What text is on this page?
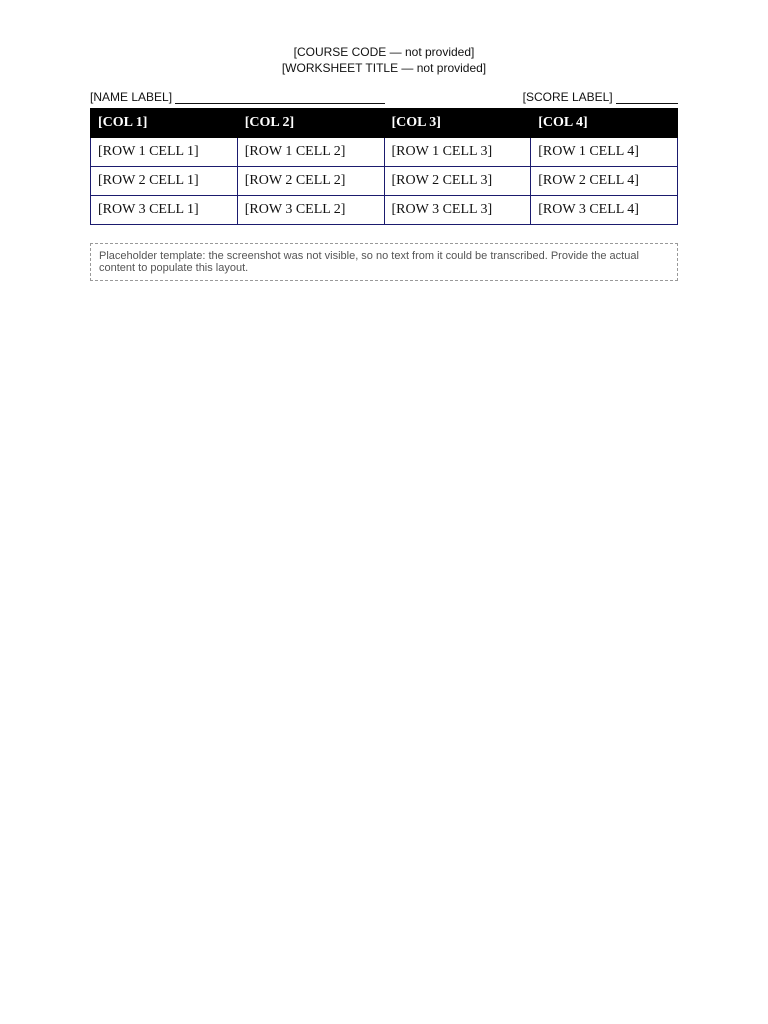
[COURSE CODE — not provided]
[WORKSHEET TITLE — not provided]
[NAME LABEL]	[SCORE LABEL]
[COL 1]	[COL 2]	[COL 3]	[COL 4]
[ROW 1 CELL 1]	[ROW 1 CELL 2]	[ROW 1 CELL 3]	[ROW 1 CELL 4]
[ROW 2 CELL 1]	[ROW 2 CELL 2]	[ROW 2 CELL 3]	[ROW 2 CELL 4]
[ROW 3 CELL 1]	[ROW 3 CELL 2]	[ROW 3 CELL 3]	[ROW 3 CELL 4]
Placeholder template: the screenshot was not visible, so no text from it could be transcribed. Provide the actual content to populate this layout.
